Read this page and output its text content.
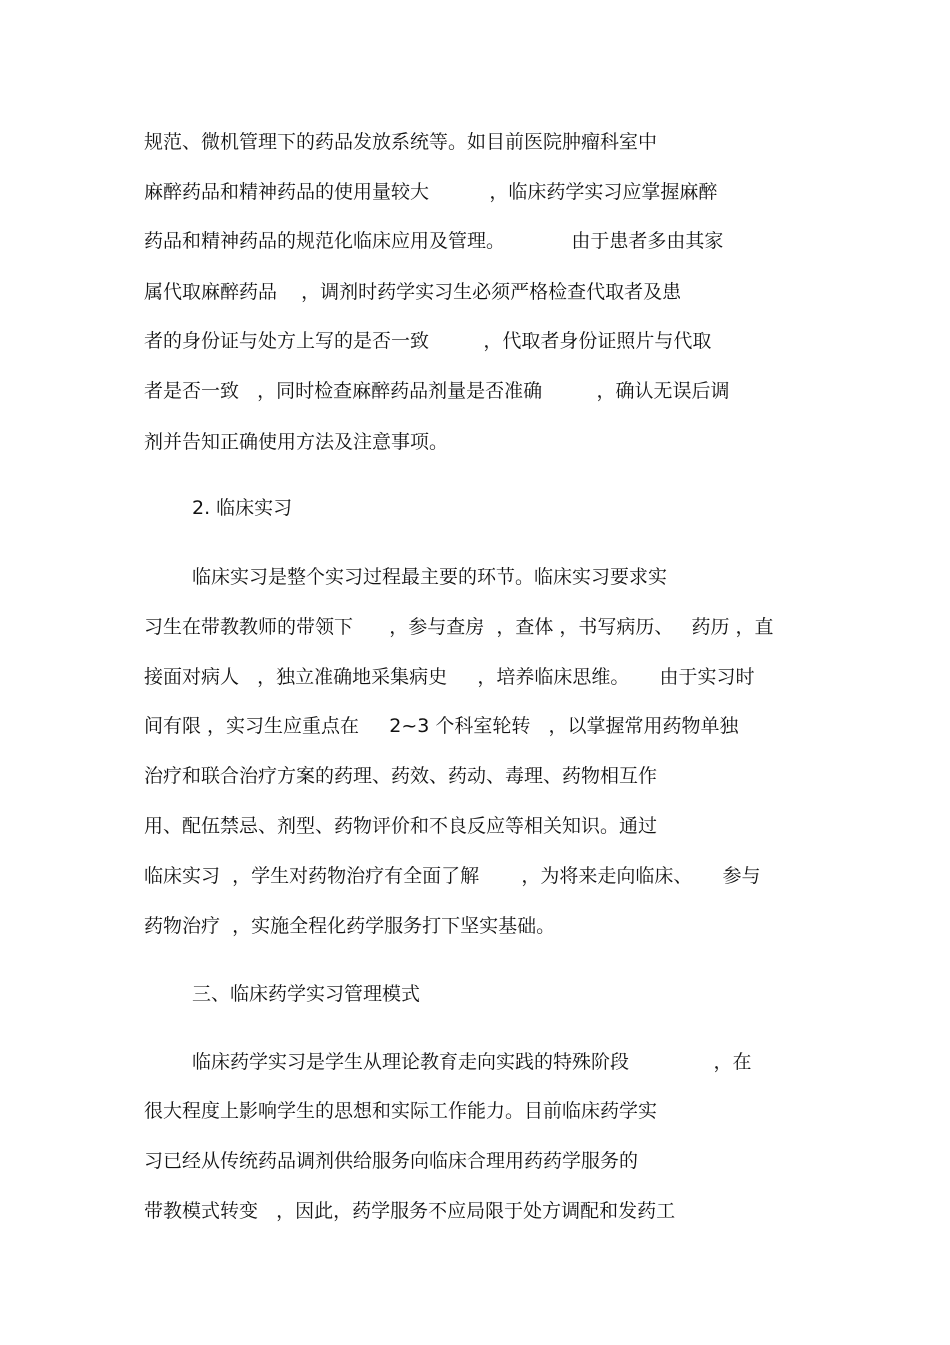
规范、微机管理下的药品发放系统等。如目前医院肿瘤科室中
麻醉药品和精神药品的使用量较大          ，临床药学实习应掌握麻醉
药品和精神药品的规范化临床应用及管理。           由于患者多由其家
属代取麻醉药品    ，调剂时药学实习生必须严格检查代取者及患
者的身份证与处方上写的是否一致         ，代取者身份证照片与代取
者是否一致   ，同时检查麻醉药品剂量是否准确         ，确认无误后调
剂并告知正确使用方法及注意事项。
2. 临床实习
临床实习是整个实习过程最主要的环节。临床实习要求实
习生在带教教师的带领下      ，参与查房  ，查体 ，书写病历、   药历 ，直
接面对病人   ，独立准确地采集病史     ，培养临床思维。     由于实习时
间有限 ，实习生应重点在     2~3 个科室轮转   ，以掌握常用药物单独
治疗和联合治疗方案的药理、药效、药动、毒理、药物相互作
用、配伍禁忌、剂型、药物评价和不良反应等相关知识。通过
临床实习  ，学生对药物治疗有全面了解       ，为将来走向临床、     参与
药物治疗  ，实施全程化药学服务打下坚实基础。
三、临床药学实习管理模式
临床药学实习是学生从理论教育走向实践的特殊阶段              ，在
很大程度上影响学生的思想和实际工作能力。目前临床药学实
习已经从传统药品调剂供给服务向临床合理用药药学服务的
带教模式转变   ，因此，药学服务不应局限于处方调配和发药工
